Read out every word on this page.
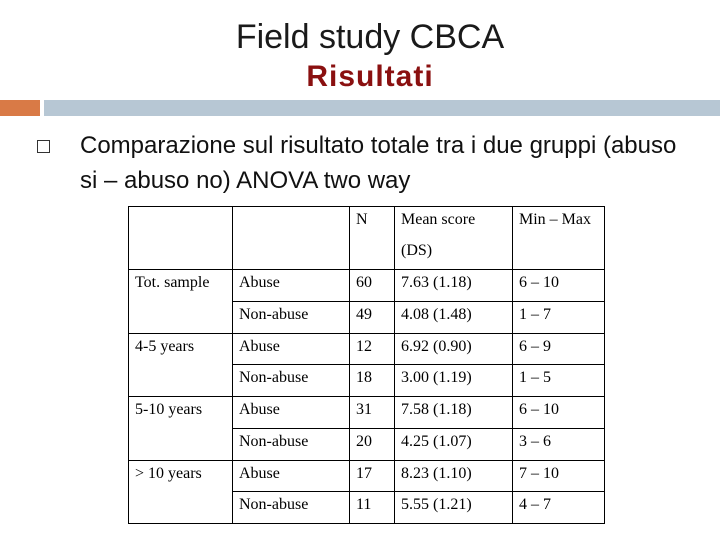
Field study CBCA
Risultati
Comparazione sul risultato totale tra i due gruppi (abuso si – abuso no) ANOVA two way
		N	Mean score	Min – Max
			(DS)	
Tot. sample	Abuse	60	7.63 (1.18)	6 – 10
	Non-abuse	49	4.08 (1.48)	1 – 7
4-5 years	Abuse	12	6.92 (0.90)	6 – 9
	Non-abuse	18	3.00 (1.19)	1 – 5
5-10 years	Abuse	31	7.58 (1.18)	6 – 10
	Non-abuse	20	4.25 (1.07)	3 – 6
> 10 years	Abuse	17	8.23 (1.10)	7 – 10
	Non-abuse	11	5.55 (1.21)	4 – 7
